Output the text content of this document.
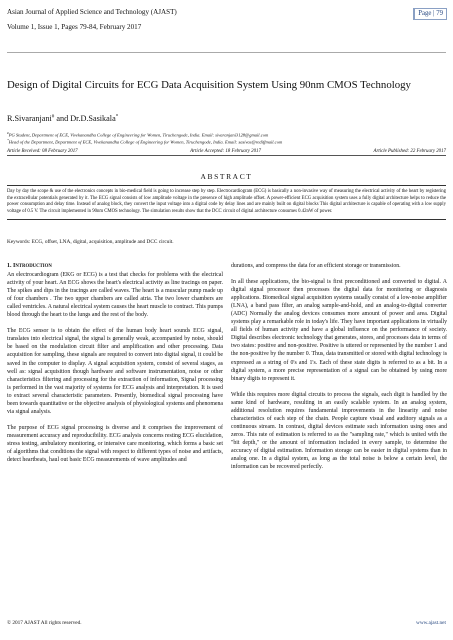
Asian Journal of Applied Science and Technology (AJAST)
Volume 1, Issue 1, Pages 79-84, February 2017
Page | 79
Design of Digital Circuits for ECG Data Acquisition System Using 90nm CMOS Technology
R.Sivaranjani# and Dr.D.Sasikala*
#PG Student, Department of ECE, Vivekanandha College of Engineering for Women, Tiruchengode, India. Email: sivaranjani3128@gmail.com
*Head of the Department, Department of ECE, Vivekanandha College of Engineering for Women, Tiruchengode, India. Email: sasivas@rediffmail.com
Article Received: 08 February 2017	Article Accepted: 18 February 2017	Article Published: 22 February 2017
ABSTRACT

Day by day the scope & use of the electronics concepts in bio-medical field is going to increase step by step. Electrocardiogram (ECG) is basically a non-invasive way of measuring the electrical activity of the heart by registering the extracellular potentials generated by it. The ECG signal consists of low amplitude voltage in the presence of high amplitude offset. A power-efficient ECG acquisition system uses a fully digital architecture helps to reduce the power consumption and delay time. Instead of analog block, they convert the input voltage into a digital code by delay lines and are mainly built on digital blocks This digital architecture is capable of operating with a low supply voltage of 0.5 V. The circuit implemented in 90nm CMOS technology. The simulation results show that the DCC circuit of digital architecture consumes 0.42nW of power.

Keywords: ECG, offset, LNA, digital, acquisition, amplitude and DCC circuit.
1. INTRODUCTION

An electrocardiogram (EKG or ECG) is a test that checks for problems with the electrical activity of your heart. An ECG shows the heart's electrical activity as line tracings on paper. The spikes and dips in the tracings are called waves. The heart is a muscular pump made up of four chambers . The two upper chambers are called atria. The two lower chambers are called ventricles. A natural electrical system causes the heart muscle to contract. This pumps blood through the heart to the lungs and the rest of the body.

The ECG sensor is to obtain the effect of the human body heart sounds ECG signal, translates into electrical signal, the signal is generally weak, accompanied by noise, should be based on the modulation circuit filter and amplification and other processing. Data acquisition for sampling, these signals are required to convert into digital signal, it could be saved in the computer to display. A signal acquisition system, consist of several stages, as well as: signal acquisition though hardware and software instrumentation, noise or other characteristics filtering and processing for the extraction of information, Signal processing is performed in the vast majority of systems for ECG analysis and interpretation. It is used to extract several characteristic parameters. Presently, biomedical signal processing have been towards quantitative or the objective analysis of physiological systems and phenomena via signal analysis.

The purpose of ECG signal processing is diverse and it comprises the improvement of measurement accuracy and reproducibility. ECG analysis concerns resting ECG elucidation, stress testing, ambulatory monitoring, or intensive care monitoring, which forms a basic set of algorithms that conditions the signal with respect to different types of noise and artifacts, detect heartbeats, haul out basic ECG measurements of wave amplitudes and

durations, and compress the data for an efficient storage or transmission.

In all these applications, the bio-signal is first preconditioned and converted to digital. A digital signal processor then processes the digital data for monitoring or diagnosis applications. Biomedical signal acquisition systems usually consist of a low-noise amplifier (LNA), a band pass filter, an analog sample-and-hold, and an analog-to-digital converter (ADC) Normally the analog devices consumes more amount of power and area. Digital systems play a remarkable role in today's life. They have important applications in virtually all fields of human activity and have a global influence on the performance of society. Digital describes electronic technology that generates, stores, and processes data in terms of two states: positive and non-positive. Positive is uttered or represented by the number 1 and the non-positive by the number 0. Thus, data transmitted or stored with digital technology is expressed as a string of 0's and 1's. Each of these state digits is referred to as a bit. In a digital system, a more precise representation of a signal can be obtained by using more binary digits to represent it.

While this requires more digital circuits to process the signals, each digit is handled by the same kind of hardware, resulting in an easily scalable system. In an analog system, additional resolution requires fundamental improvements in the linearity and noise characteristics of each step of the chain. People capture visual and auditory signals as a continuous stream. In contrast, digital devices estimate such information using ones and zeros. This rate of estimation is referred to as the "sampling rate," which is united with the "bit depth," or the amount of information included in every sample, to determine the accuracy of digital estimation. Information storage can be easier in digital systems than in analog one. In a digital system, as long as the total noise is below a certain level, the information can be recovered perfectly.

© 2017 AJAST All rights reserved.	www.ajast.net
